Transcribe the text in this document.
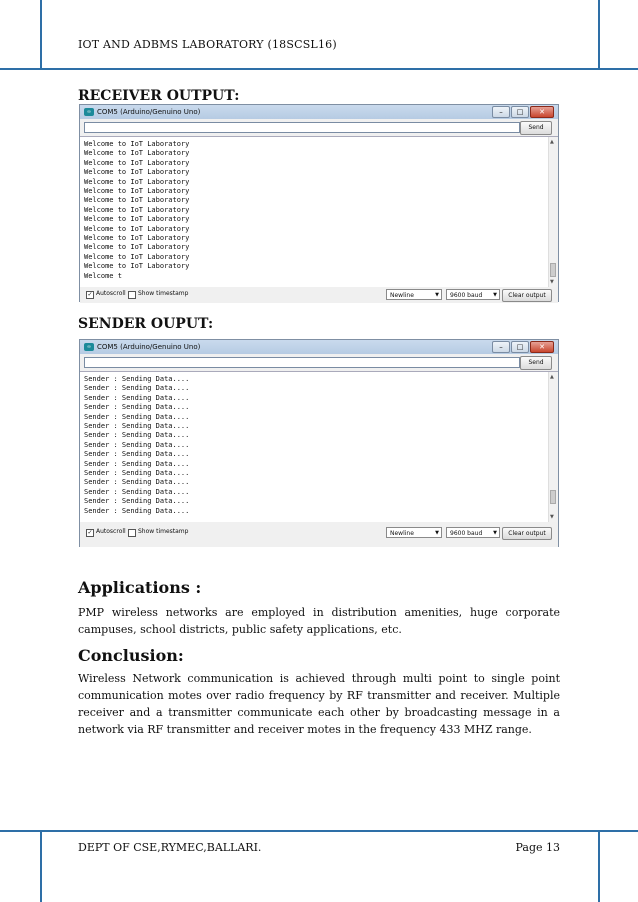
IOT AND ADBMS LABORATORY (18SCSL16)
RECEIVER OUTPUT:
∞ COM5 (Arduino/Genuino Uno)	–	□	✕
Send
Welcome to IoT Laboratory
Welcome to IoT Laboratory
Welcome to IoT Laboratory
Welcome to IoT Laboratory
Welcome to IoT Laboratory
Welcome to IoT Laboratory
Welcome to IoT Laboratory
Welcome to IoT Laboratory
Welcome to IoT Laboratory
Welcome to IoT Laboratory
Welcome to IoT Laboratory
Welcome to IoT Laboratory
Welcome to IoT Laboratory
Welcome to IoT Laboratory
Welcome t
▲
▼
✓ Autoscroll Show timestamp	Newline	▼	9600 baud ▼	Clear output
SENDER OUPUT:
∞ COM5 (Arduino/Genuino Uno)	–	□	✕
Send
Sender : Sending Data....
Sender : Sending Data....
Sender : Sending Data....
Sender : Sending Data....
Sender : Sending Data....
Sender : Sending Data....
Sender : Sending Data....
Sender : Sending Data....
Sender : Sending Data....
Sender : Sending Data....
Sender : Sending Data....
Sender : Sending Data....
Sender : Sending Data....
Sender : Sending Data....
Sender : Sending Data....
▲
▼
✓ Autoscroll Show timestamp	Newline	▼	9600 baud ▼	Clear output
Applications :
PMP wireless networks are employed in distribution amenities, huge corporate campuses, school districts, public safety applications, etc.
Conclusion:
Wireless Network communication is achieved through multi point to single point communication motes over radio frequency by RF transmitter and receiver. Multiple receiver and a transmitter communicate each other by broadcasting message in a network via RF transmitter and receiver motes in the frequency 433 MHZ range.
DEPT OF CSE,RYMEC,BALLARI.	Page 13
